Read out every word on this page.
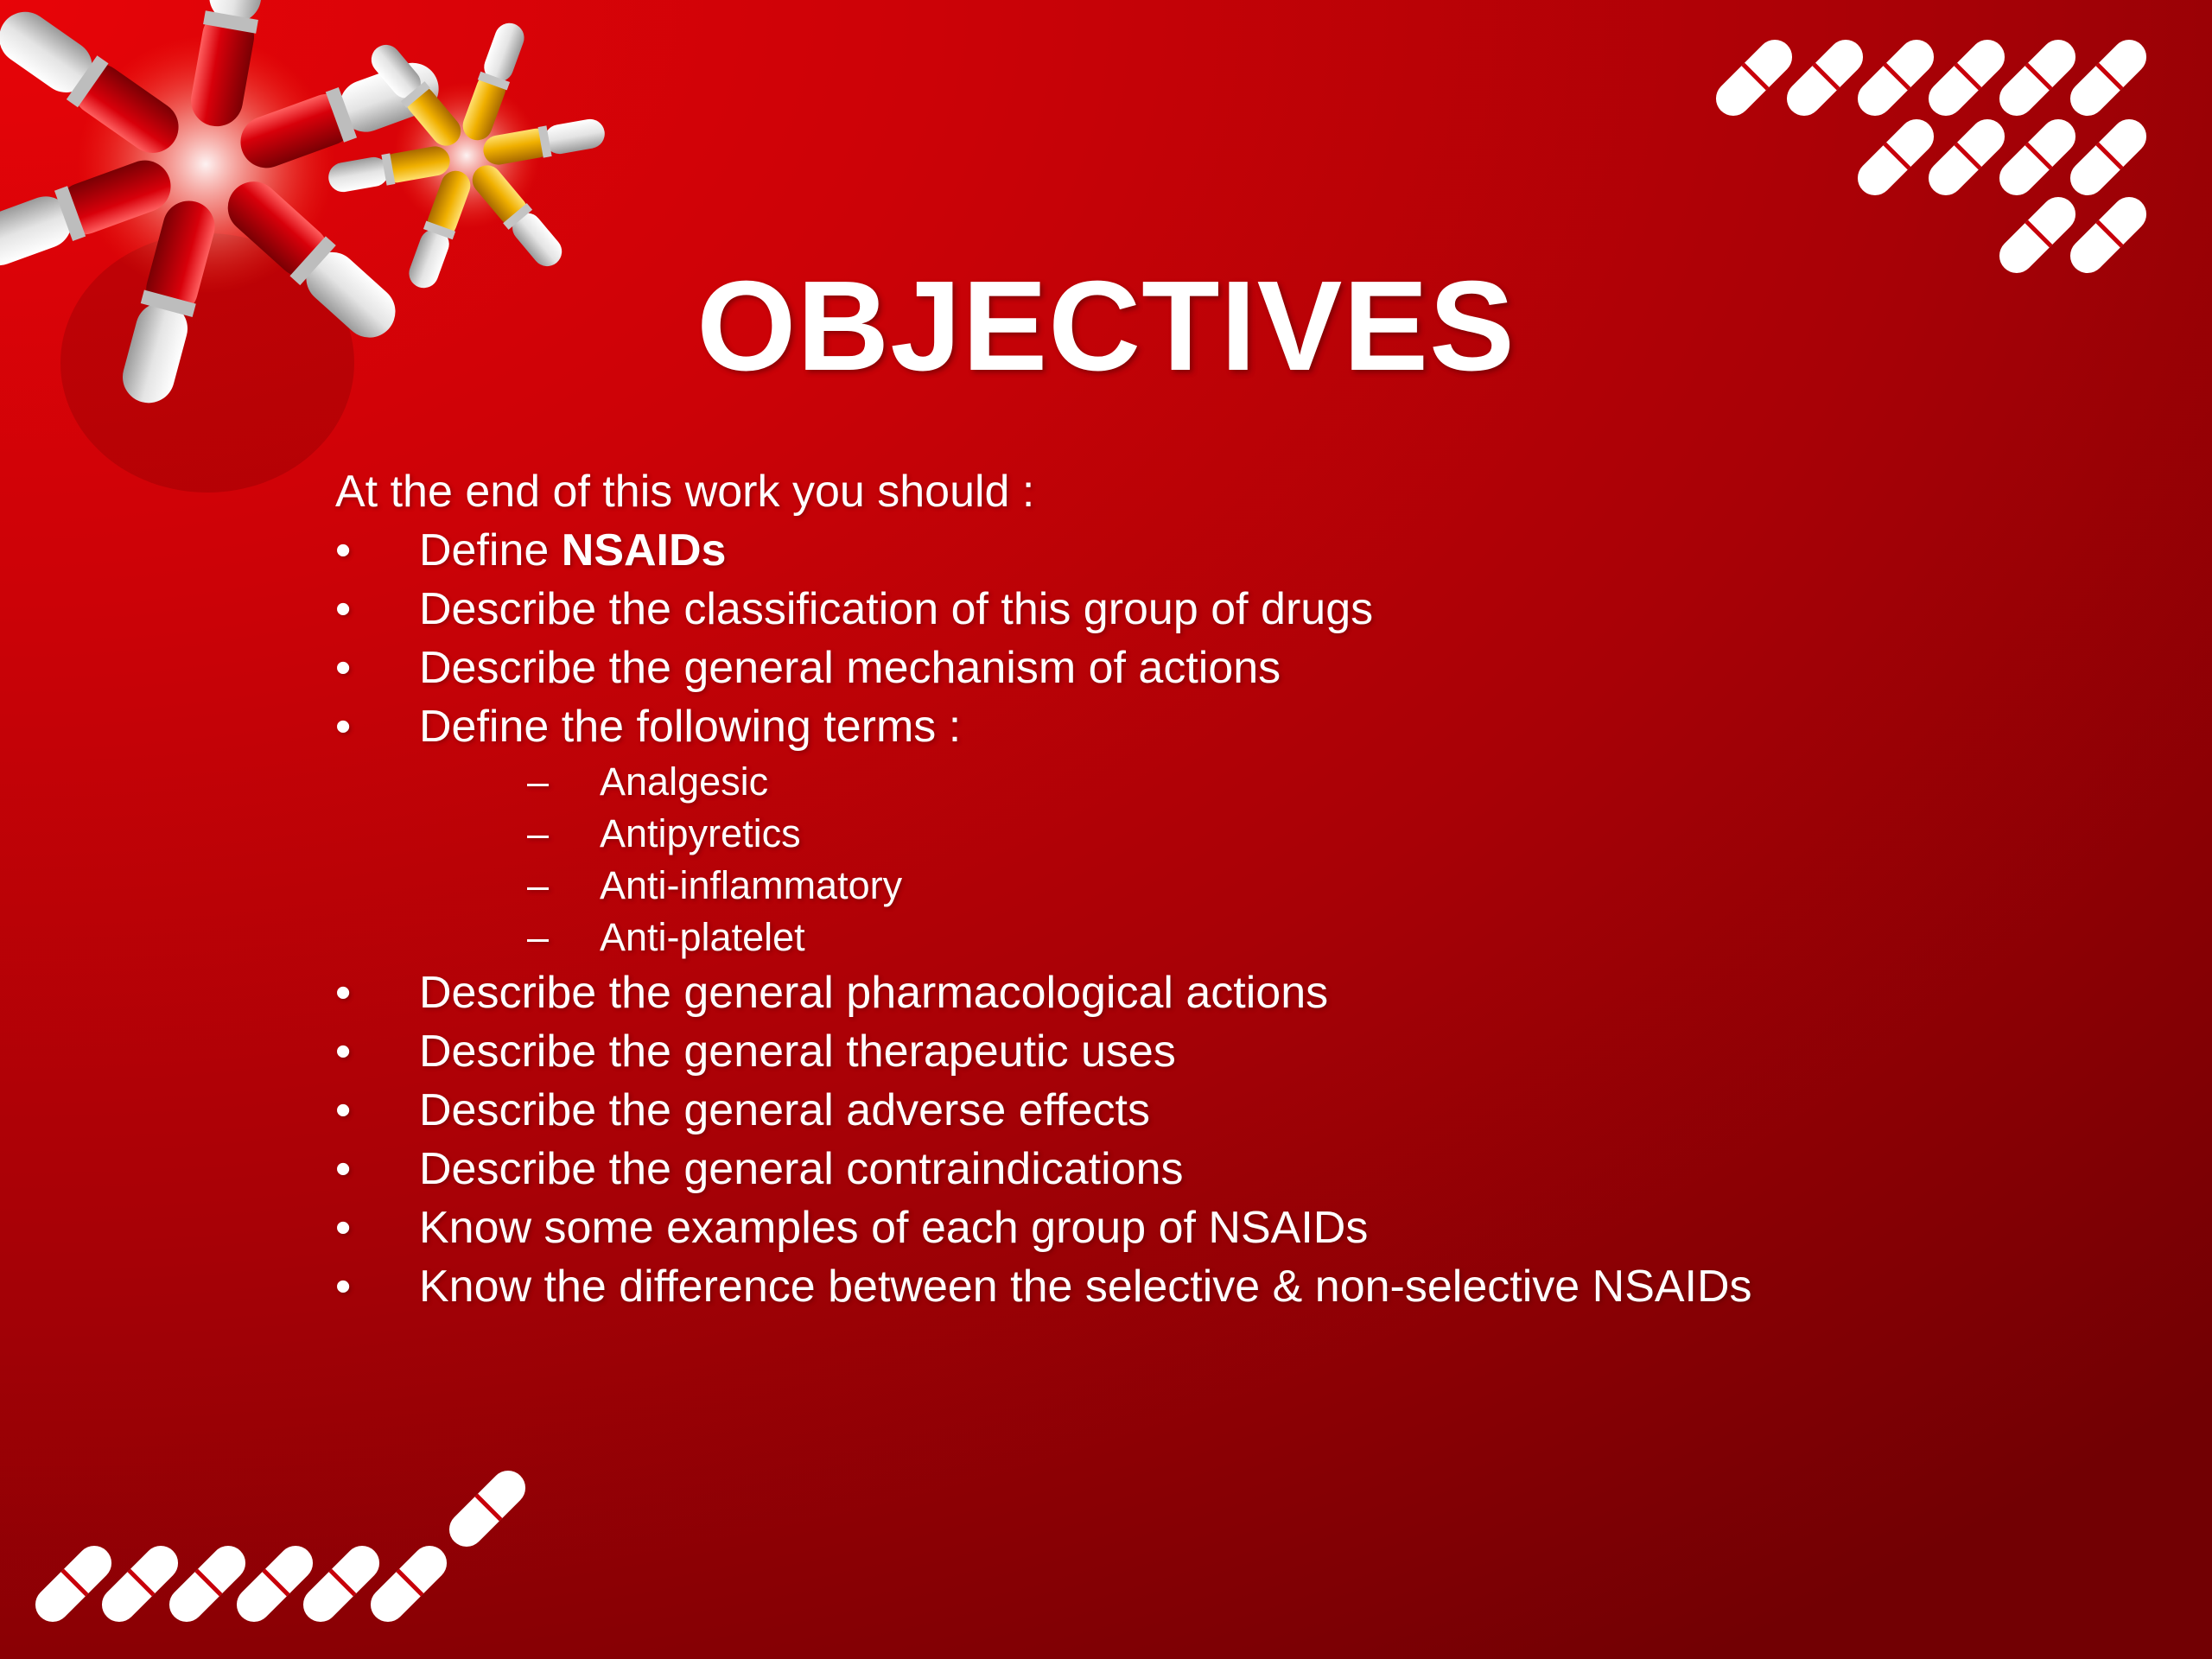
OBJECTIVES

At the end of this work you should :

• Define NSAIDs
• Describe the classification of this group of drugs
• Describe the general mechanism of actions
• Define the following terms :
– Analgesic
– Antipyretics
– Anti-inflammatory
– Anti-platelet
• Describe the general pharmacological actions
• Describe the general therapeutic uses
• Describe the general adverse effects
• Describe the general contraindications
• Know some examples of each group of NSAIDs
• Know the difference between the selective & non-selective NSAIDs
